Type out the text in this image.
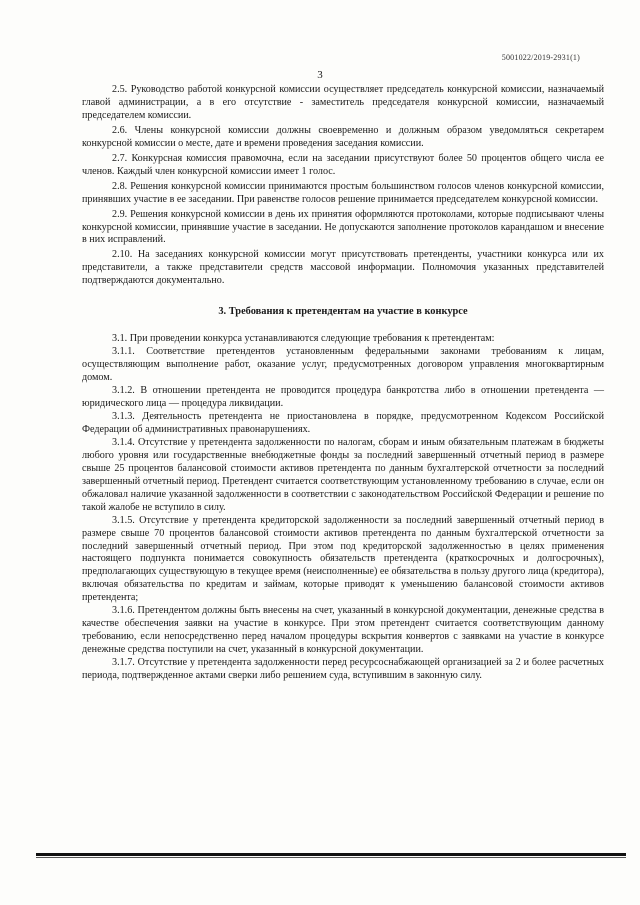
5001022/2019-2931(1)
3

2.5. Руководство работой конкурсной комиссии осуществляет председатель конкурсной комиссии, назначаемый главой администрации, а в его отсутствие - заместитель председателя конкурсной комиссии, назначаемый председателем комиссии.

2.6. Члены конкурсной комиссии должны своевременно и должным образом уведомляться секретарем конкурсной комиссии о месте, дате и времени проведения заседания комиссии.

2.7. Конкурсная комиссия правомочна, если на заседании присутствуют более 50 процентов общего числа ее членов. Каждый член конкурсной комиссии имеет 1 голос.

2.8. Решения конкурсной комиссии принимаются простым большинством голосов членов конкурсной комиссии, принявших участие в ее заседании. При равенстве голосов решение принимается председателем конкурсной комиссии.

2.9. Решения конкурсной комиссии в день их принятия оформляются протоколами, которые подписывают члены конкурсной комиссии, принявшие участие в заседании. Не допускаются заполнение протоколов карандашом и внесение в них исправлений.

2.10. На заседаниях конкурсной комиссии могут присутствовать претенденты, участники конкурса или их представители, а также представители средств массовой информации. Полномочия указанных представителей подтверждаются документально.

3. Требования к претендентам на участие в конкурсе

3.1. При проведении конкурса устанавливаются следующие требования к претендентам:

3.1.1. Соответствие претендентов установленным федеральными законами требованиям к лицам, осуществляющим выполнение работ, оказание услуг, предусмотренных договором управления многоквартирным домом.

3.1.2. В отношении претендента не проводится процедура банкротства либо в отношении претендента — юридического лица — процедура ликвидации.

3.1.3. Деятельность претендента не приостановлена в порядке, предусмотренном Кодексом Российской Федерации об административных правонарушениях.

3.1.4. Отсутствие у претендента задолженности по налогам, сборам и иным обязательным платежам в бюджеты любого уровня или государственные внебюджетные фонды за последний завершенный отчетный период в размере свыше 25 процентов балансовой стоимости активов претендента по данным бухгалтерской отчетности за последний завершенный отчетный период. Претендент считается соответствующим установленному требованию в случае, если он обжаловал наличие указанной задолженности в соответствии с законодательством Российской Федерации и решение по такой жалобе не вступило в силу.

3.1.5. Отсутствие у претендента кредиторской задолженности за последний завершенный отчетный период в размере свыше 70 процентов балансовой стоимости активов претендента по данным бухгалтерской отчетности за последний завершенный отчетный период. При этом под кредиторской задолженностью в целях применения настоящего подпункта понимается совокупность обязательств претендента (краткосрочных и долгосрочных), предполагающих существующую в текущее время (неисполненные) ее обязательства в пользу другого лица (кредитора), включая обязательства по кредитам и займам, которые приводят к уменьшению балансовой стоимости активов претендента;

3.1.6. Претендентом должны быть внесены на счет, указанный в конкурсной документации, денежные средства в качестве обеспечения заявки на участие в конкурсе. При этом претендент считается соответствующим данному требованию, если непосредственно перед началом процедуры вскрытия конвертов с заявками на участие в конкурсе денежные средства поступили на счет, указанный в конкурсной документации.

3.1.7. Отсутствие у претендента задолженности перед ресурсоснабжающей организацией за 2 и более расчетных периода, подтвержденное актами сверки либо решением суда, вступившим в законную силу.
